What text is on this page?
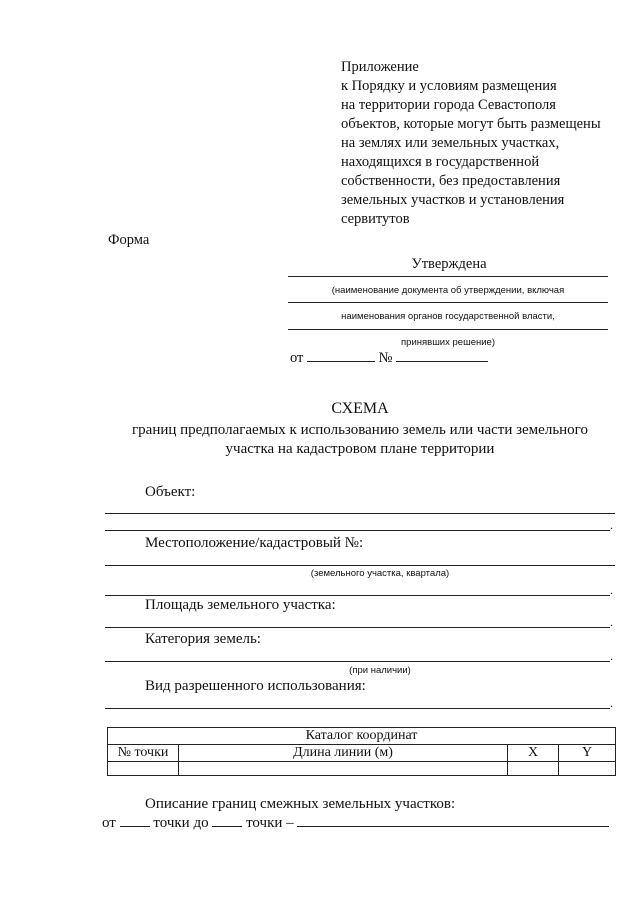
Приложение
к Порядку и условиям размещения
на территории города Севастополя
объектов, которые могут быть размещены
на землях или земельных участках,
находящихся в государственной
собственности, без предоставления
земельных участков и установления
сервитутов
Форма
Утверждена
(наименование документа об утверждении, включая
наименования органов государственной власти,
принявших решение)
от	№
СХЕМА
границ предполагаемых к использованию земель или части земельного
участка на кадастровом плане территории
Объект:
.
Местоположение/кадастровый №:
(земельного участка, квартала)
.
Площадь земельного участка:
.
Категория земель:
.
(при наличии)
Вид разрешенного использования:
.
Каталог координат			
№ точки	Длина линии (м)	X	Y

Описание границ смежных земельных участков:
от	точки до	точки –
